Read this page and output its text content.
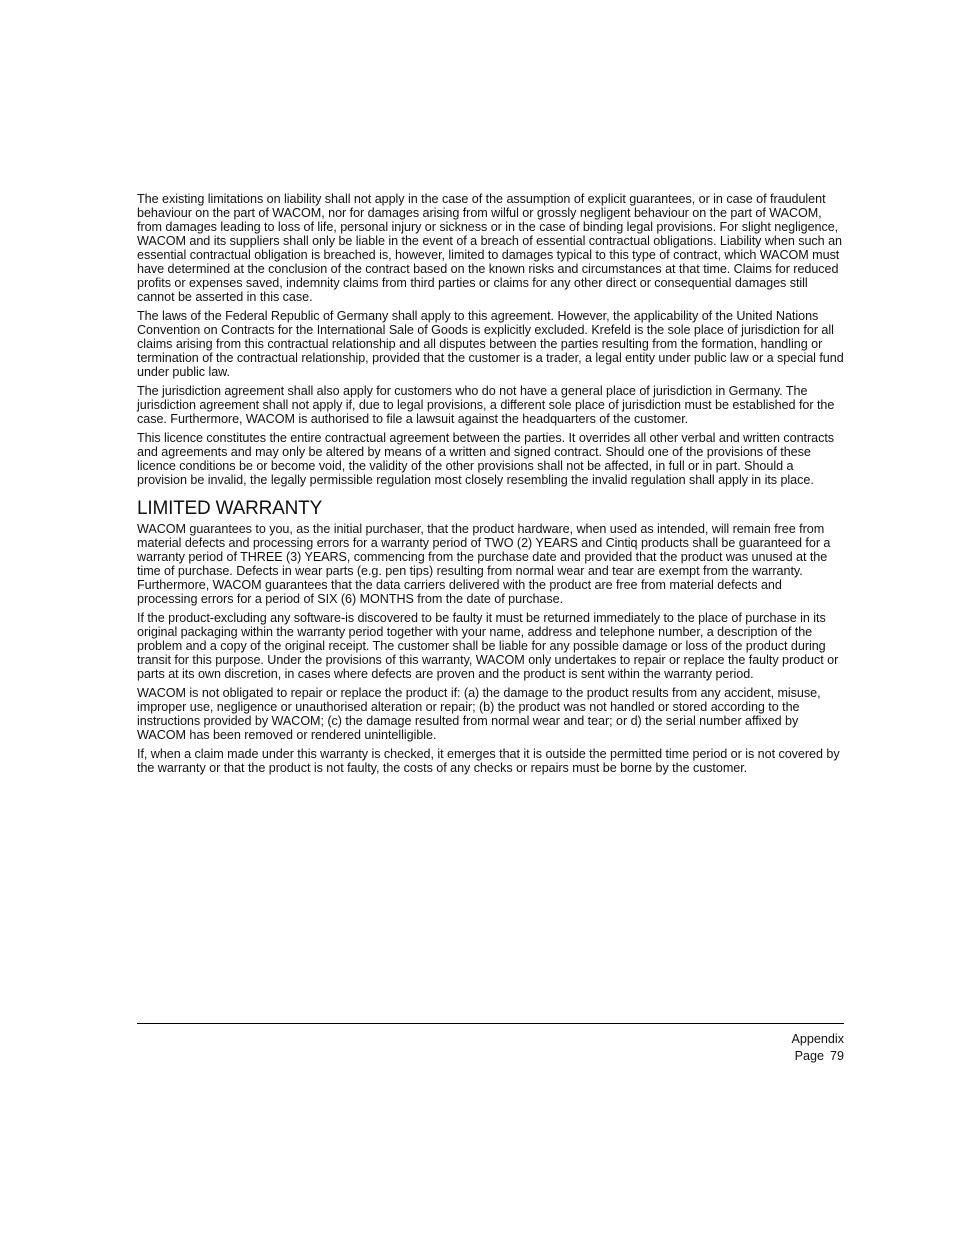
The existing limitations on liability shall not apply in the case of the assumption of explicit guarantees, or in case of fraudulent behaviour on the part of WACOM, nor for damages arising from wilful or grossly negligent behaviour on the part of WACOM, from damages leading to loss of life, personal injury or sickness or in the case of binding legal provisions. For slight negligence, WACOM and its suppliers shall only be liable in the event of a breach of essential contractual obligations. Liability when such an essential contractual obligation is breached is, however, limited to damages typical to this type of contract, which WACOM must have determined at the conclusion of the contract based on the known risks and circumstances at that time. Claims for reduced profits or expenses saved, indemnity claims from third parties or claims for any other direct or consequential damages still cannot be asserted in this case.

The laws of the Federal Republic of Germany shall apply to this agreement. However, the applicability of the United Nations Convention on Contracts for the International Sale of Goods is explicitly excluded. Krefeld is the sole place of jurisdiction for all claims arising from this contractual relationship and all disputes between the parties resulting from the formation, handling or termination of the contractual relationship, provided that the customer is a trader, a legal entity under public law or a special fund under public law.

The jurisdiction agreement shall also apply for customers who do not have a general place of jurisdiction in Germany. The jurisdiction agreement shall not apply if, due to legal provisions, a different sole place of jurisdiction must be established for the case. Furthermore, WACOM is authorised to file a lawsuit against the headquarters of the customer.

This licence constitutes the entire contractual agreement between the parties. It overrides all other verbal and written contracts and agreements and may only be altered by means of a written and signed contract. Should one of the provisions of these licence conditions be or become void, the validity of the other provisions shall not be affected, in full or in part. Should a provision be invalid, the legally permissible regulation most closely resembling the invalid regulation shall apply in its place.

LIMITED WARRANTY

WACOM guarantees to you, as the initial purchaser, that the product hardware, when used as intended, will remain free from material defects and processing errors for a warranty period of TWO (2) YEARS and Cintiq products shall be guaranteed for a warranty period of THREE (3) YEARS, commencing from the purchase date and provided that the product was unused at the time of purchase. Defects in wear parts (e.g. pen tips) resulting from normal wear and tear are exempt from the warranty. Furthermore, WACOM guarantees that the data carriers delivered with the product are free from material defects and processing errors for a period of SIX (6) MONTHS from the date of purchase.

If the product-excluding any software-is discovered to be faulty it must be returned immediately to the place of purchase in its original packaging within the warranty period together with your name, address and telephone number, a description of the problem and a copy of the original receipt. The customer shall be liable for any possible damage or loss of the product during transit for this purpose. Under the provisions of this warranty, WACOM only undertakes to repair or replace the faulty product or parts at its own discretion, in cases where defects are proven and the product is sent within the warranty period.

WACOM is not obligated to repair or replace the product if: (a) the damage to the product results from any accident, misuse, improper use, negligence or unauthorised alteration or repair; (b) the product was not handled or stored according to the instructions provided by WACOM; (c) the damage resulted from normal wear and tear; or d) the serial number affixed by WACOM has been removed or rendered unintelligible.

If, when a claim made under this warranty is checked, it emerges that it is outside the permitted time period or is not covered by the warranty or that the product is not faulty, the costs of any checks or repairs must be borne by the customer.

Appendix
Page 79
